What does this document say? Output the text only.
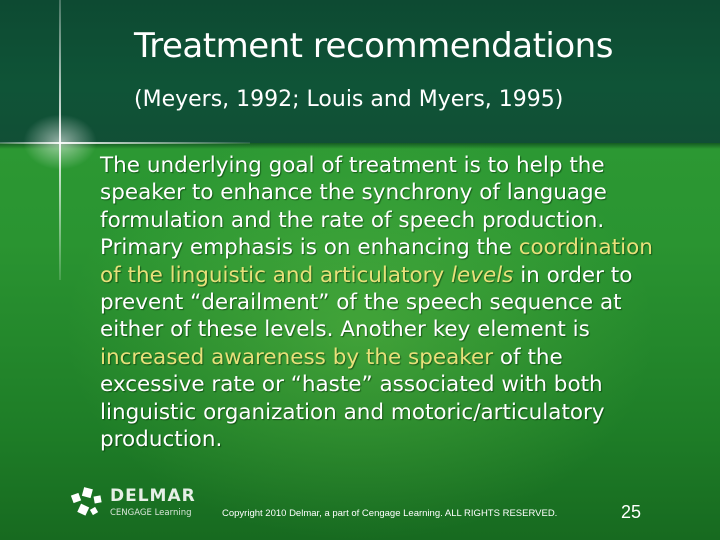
Treatment recommendations
(Meyers, 1992; Louis and Myers, 1995)

The underlying goal of treatment is to help the
speaker to enhance the synchrony of language
formulation and the rate of speech production.
Primary emphasis is on enhancing the coordination
of the linguistic and articulatory levels in order to
prevent “derailment” of the speech sequence at
either of these levels. Another key element is
increased awareness by the speaker of the
excessive rate or “haste” associated with both
linguistic organization and motoric/articulatory
production.

DELMAR
CENGAGE Learning	Copyright 2010 Delmar, a part of Cengage Learning. ALL RIGHTS RESERVED.	25
